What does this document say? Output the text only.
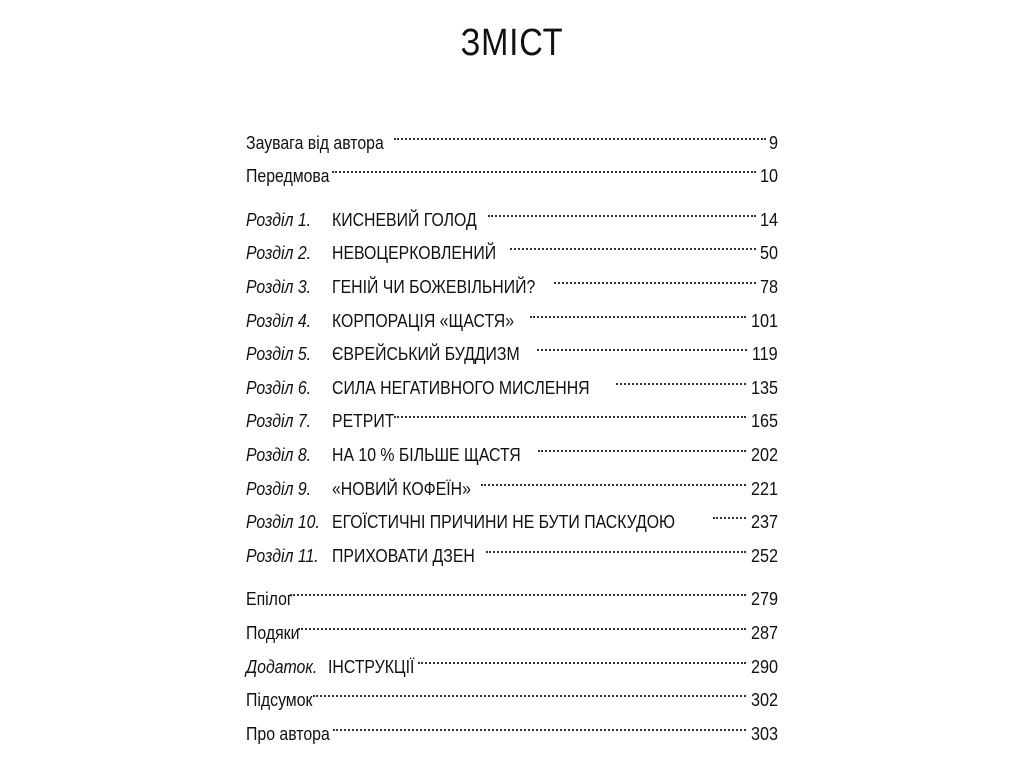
ЗМІСТ
Заувага від автора	9
Передмова	10
Розділ 1.	КИСНЕВИЙ ГОЛОД	14
Розділ 2.	НЕВОЦЕРКОВЛЕНИЙ	50
Розділ 3.	ГЕНІЙ ЧИ БОЖЕВІЛЬНИЙ?	78
Розділ 4.	КОРПОРАЦІЯ «ЩАСТЯ»	101
Розділ 5.	ЄВРЕЙСЬКИЙ БУДДИЗМ	119
Розділ 6.	СИЛА НЕГАТИВНОГО МИСЛЕННЯ	135
Розділ 7.	РЕТРИТ	165
Розділ 8.	НА 10 % БІЛЬШЕ ЩАСТЯ	202
Розділ 9.	«НОВИЙ КОФЕЇН»	221
Розділ 10. ЕГОЇСТИЧНІ ПРИЧИНИ НЕ БУТИ ПАСКУДОЮ	237
Розділ 11. ПРИХОВАТИ ДЗЕН	252
Епілог	279
Подяки	287
Додаток. ІНСТРУКЦІЇ	290
Підсумок	302
Про автора	303
